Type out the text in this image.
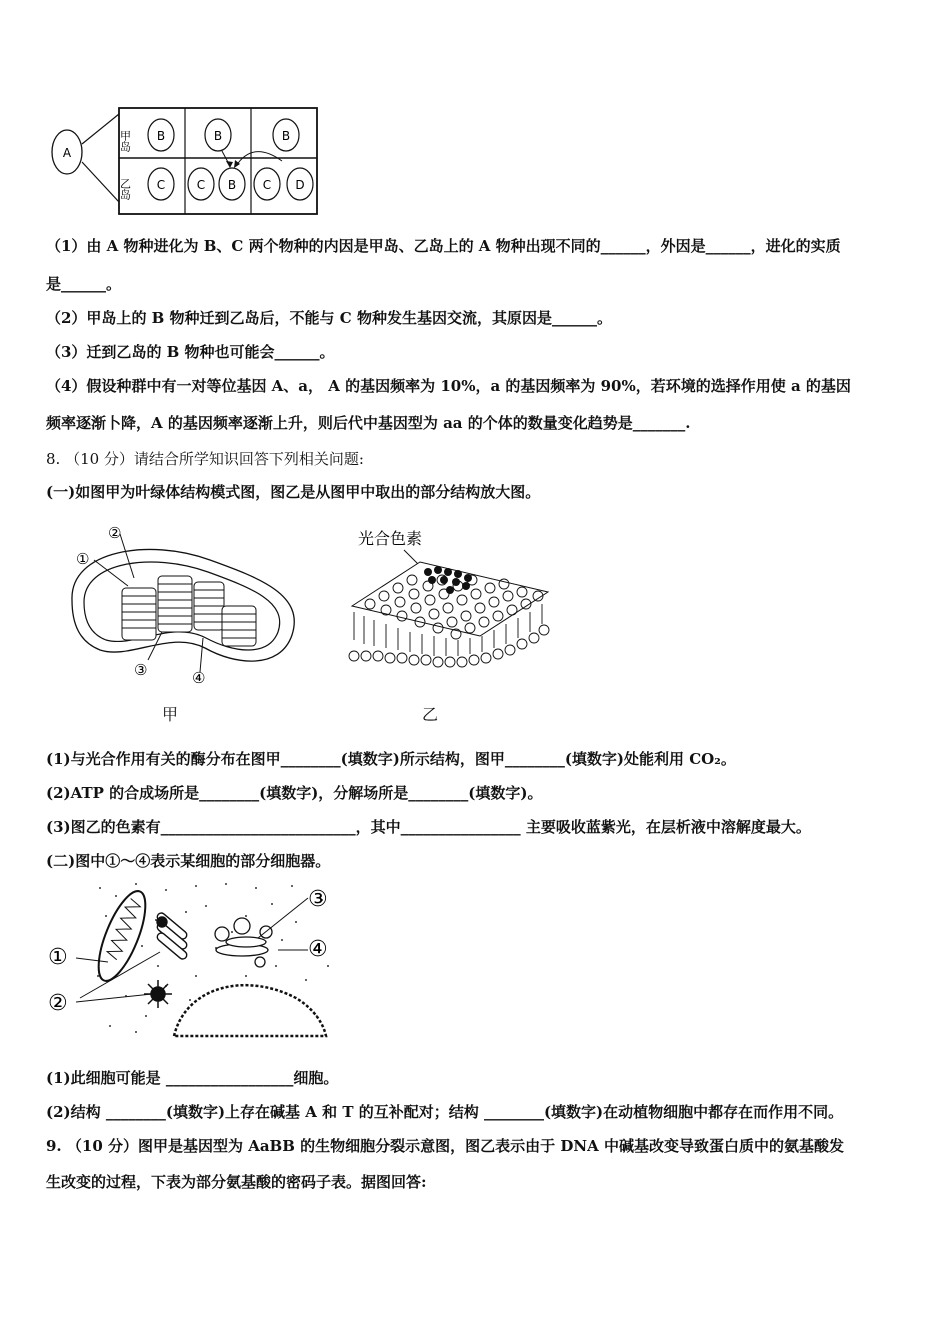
A
甲岛
乙岛
B	B	B
C	C B C D
（1）由 A 物种进化为 B、C 两个物种的内因是甲岛、乙岛上的 A 物种出现不同的______，外因是______，进化的实质
是______。
（2）甲岛上的 B 物种迁到乙岛后，不能与 C 物种发生基因交流，其原因是______。
（3）迁到乙岛的 B 物种也可能会______。
（4）假设种群中有一对等位基因 A、a， A 的基因频率为 10%，a 的基因频率为 90%，若环境的选择作用使 a 的基因
频率逐渐卜降，A 的基因频率逐渐上升，则后代中基因型为 aa 的个体的数量变化趋势是_______.
8. （10 分）请结合所学知识回答下列相关问题:
(一)如图甲为叶绿体结构模式图，图乙是从图甲中取出的部分结构放大图。
②
①
③	④
甲
光合色素
乙
(1)与光合作用有关的酶分布在图甲________(填数字)所示结构，图甲________(填数字)处能利用 CO₂。
(2)ATP 的合成场所是________(填数字)，分解场所是________(填数字)。
(3)图乙的色素有__________________________，其中________________ 主要吸收蓝紫光，在层析液中溶解度最大。
(二)图中①～④表示某细胞的部分细胞器。
①
②
③
④
(1)此细胞可能是 _________________细胞。
(2)结构 ________(填数字)上存在碱基 A 和 T 的互补配对；结构 ________(填数字)在动植物细胞中都存在而作用不同。
9. （10 分）图甲是基因型为 AaBB 的生物细胞分裂示意图，图乙表示由于 DNA 中碱基改变导致蛋白质中的氨基酸发
生改变的过程，下表为部分氨基酸的密码子表。据图回答:
